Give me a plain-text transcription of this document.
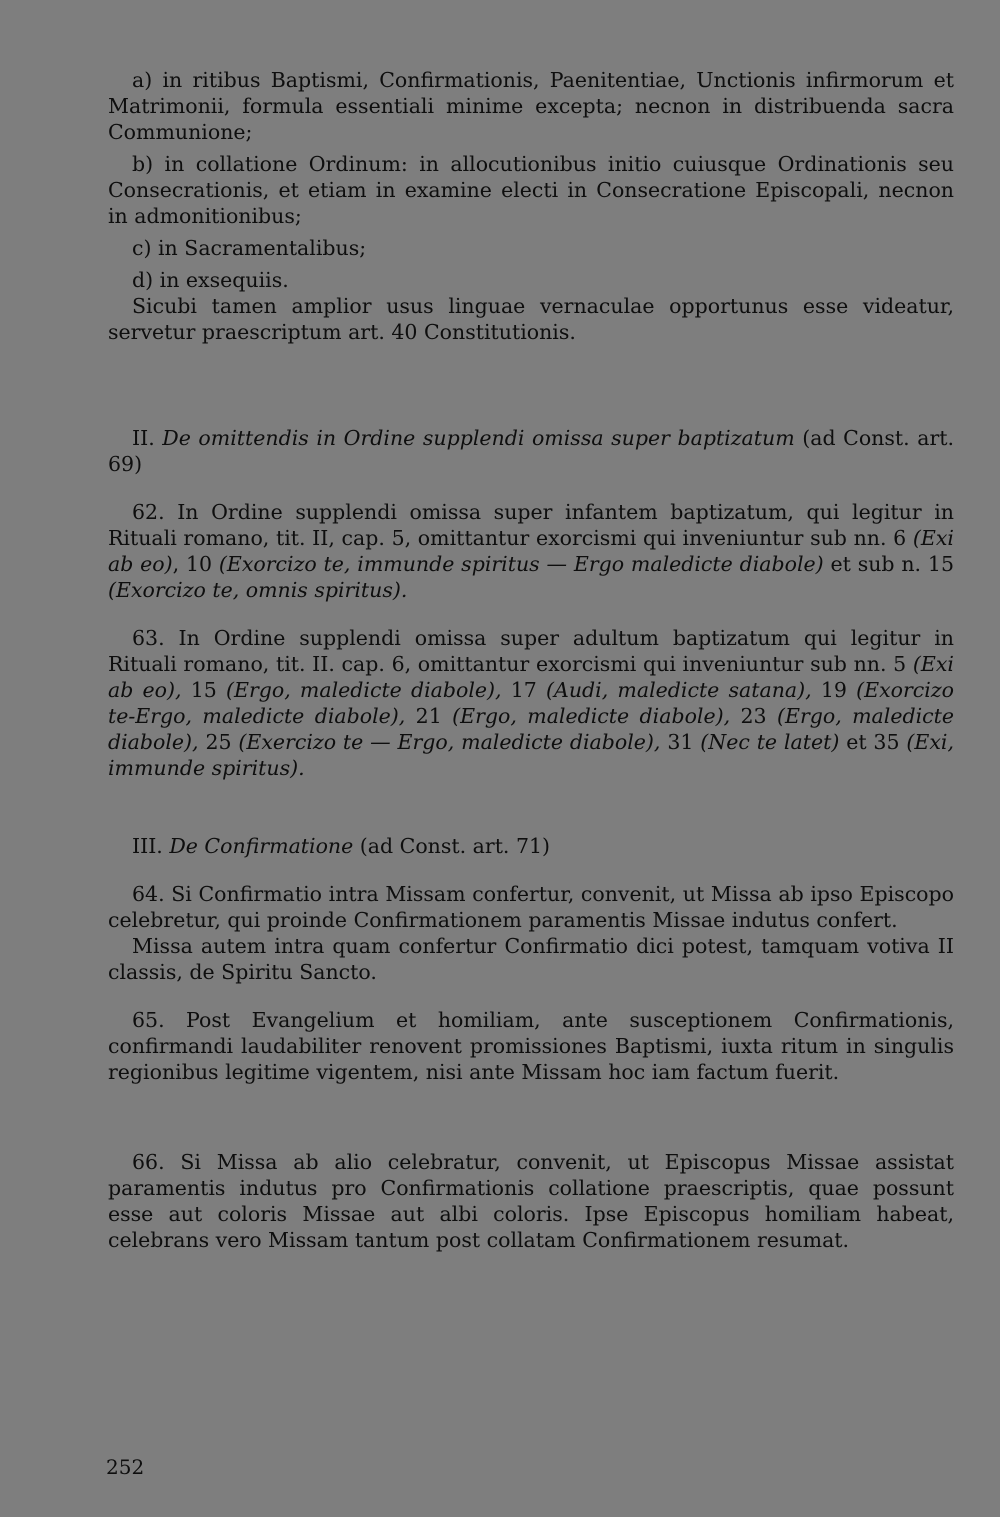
a) in ritibus Baptismi, Confirmationis, Paenitentiae, Unctionis infirmorum et Matrimonii, formula essentiali minime excepta; necnon in distribuenda sacra Communione;

b) in collatione Ordinum: in allocutionibus initio cuiusque Ordinationis seu Consecrationis, et etiam in examine electi in Consecratione Episcopali, necnon in admonitionibus;

c) in Sacramentalibus;

d) in exsequiis.

Sicubi tamen amplior usus linguae vernaculae opportunus esse videatur, servetur praescriptum art. 40 Constitutionis.

II. De omittendis in Ordine supplendi omissa super baptizatum (ad Const. art. 69)

62. In Ordine supplendi omissa super infantem baptizatum, qui legitur in Rituali romano, tit. II, cap. 5, omittantur exorcismi qui inveniuntur sub nn. 6 (Exi ab eo), 10 (Exorcizo te, immunde spiritus — Ergo maledicte diabole) et sub n. 15 (Exorcizo te, omnis spiritus).

63. In Ordine supplendi omissa super adultum baptizatum qui legitur in Rituali romano, tit. II. cap. 6, omittantur exorcismi qui inveniuntur sub nn. 5 (Exi ab eo), 15 (Ergo, maledicte diabole), 17 (Audi, maledicte satana), 19 (Exorcizo te-Ergo, maledicte diabole), 21 (Ergo, maledicte diabole), 23 (Ergo, maledicte diabole), 25 (Exercizo te — Ergo, maledicte diabole), 31 (Nec te latet) et 35 (Exi, immunde spiritus).

III. De Confirmatione (ad Const. art. 71)

64. Si Confirmatio intra Missam confertur, convenit, ut Missa ab ipso Episcopo celebretur, qui proinde Confirmationem paramentis Missae indutus confert.

Missa autem intra quam confertur Confirmatio dici potest, tamquam votiva II classis, de Spiritu Sancto.

65. Post Evangelium et homiliam, ante susceptionem Confirmationis, confirmandi laudabiliter renovent promissiones Baptismi, iuxta ritum in singulis regionibus legitime vigentem, nisi ante Missam hoc iam factum fuerit.

66. Si Missa ab alio celebratur, convenit, ut Episcopus Missae assistat paramentis indutus pro Confirmationis collatione praescriptis, quae possunt esse aut coloris Missae aut albi coloris. Ipse Episcopus homiliam habeat, celebrans vero Missam tantum post collatam Confirmationem resumat.

252
